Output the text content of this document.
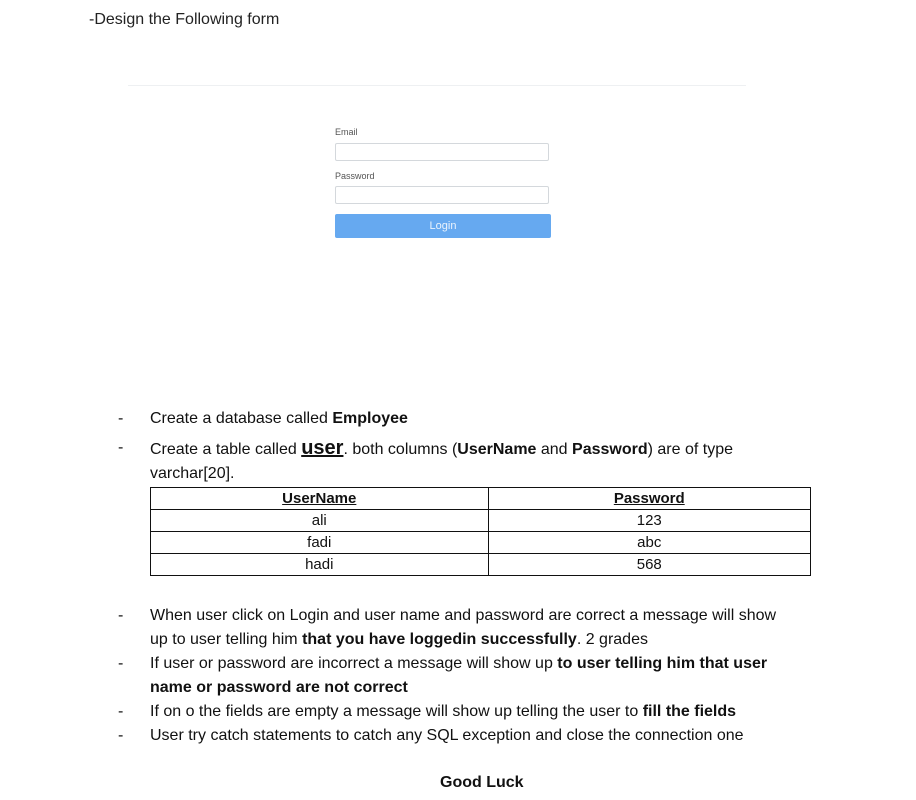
-Design the Following form
Email
Password
Login
- Create a database called Employee
- Create a table called user. both columns (UserName and Password) are of type varchar[20].
UserName	Password
ali	123
fadi	abc
hadi	568
- When user click on Login and user name and password are correct a message will show up to user telling him that you have loggedin successfully. 2 grades
- If user or password are incorrect a message will show up to user telling him that user name or password are not correct
- If on o the fields are empty a message will show up telling the user to fill the fields
- User try catch statements to catch any SQL exception and close the connection one
Good Luck
